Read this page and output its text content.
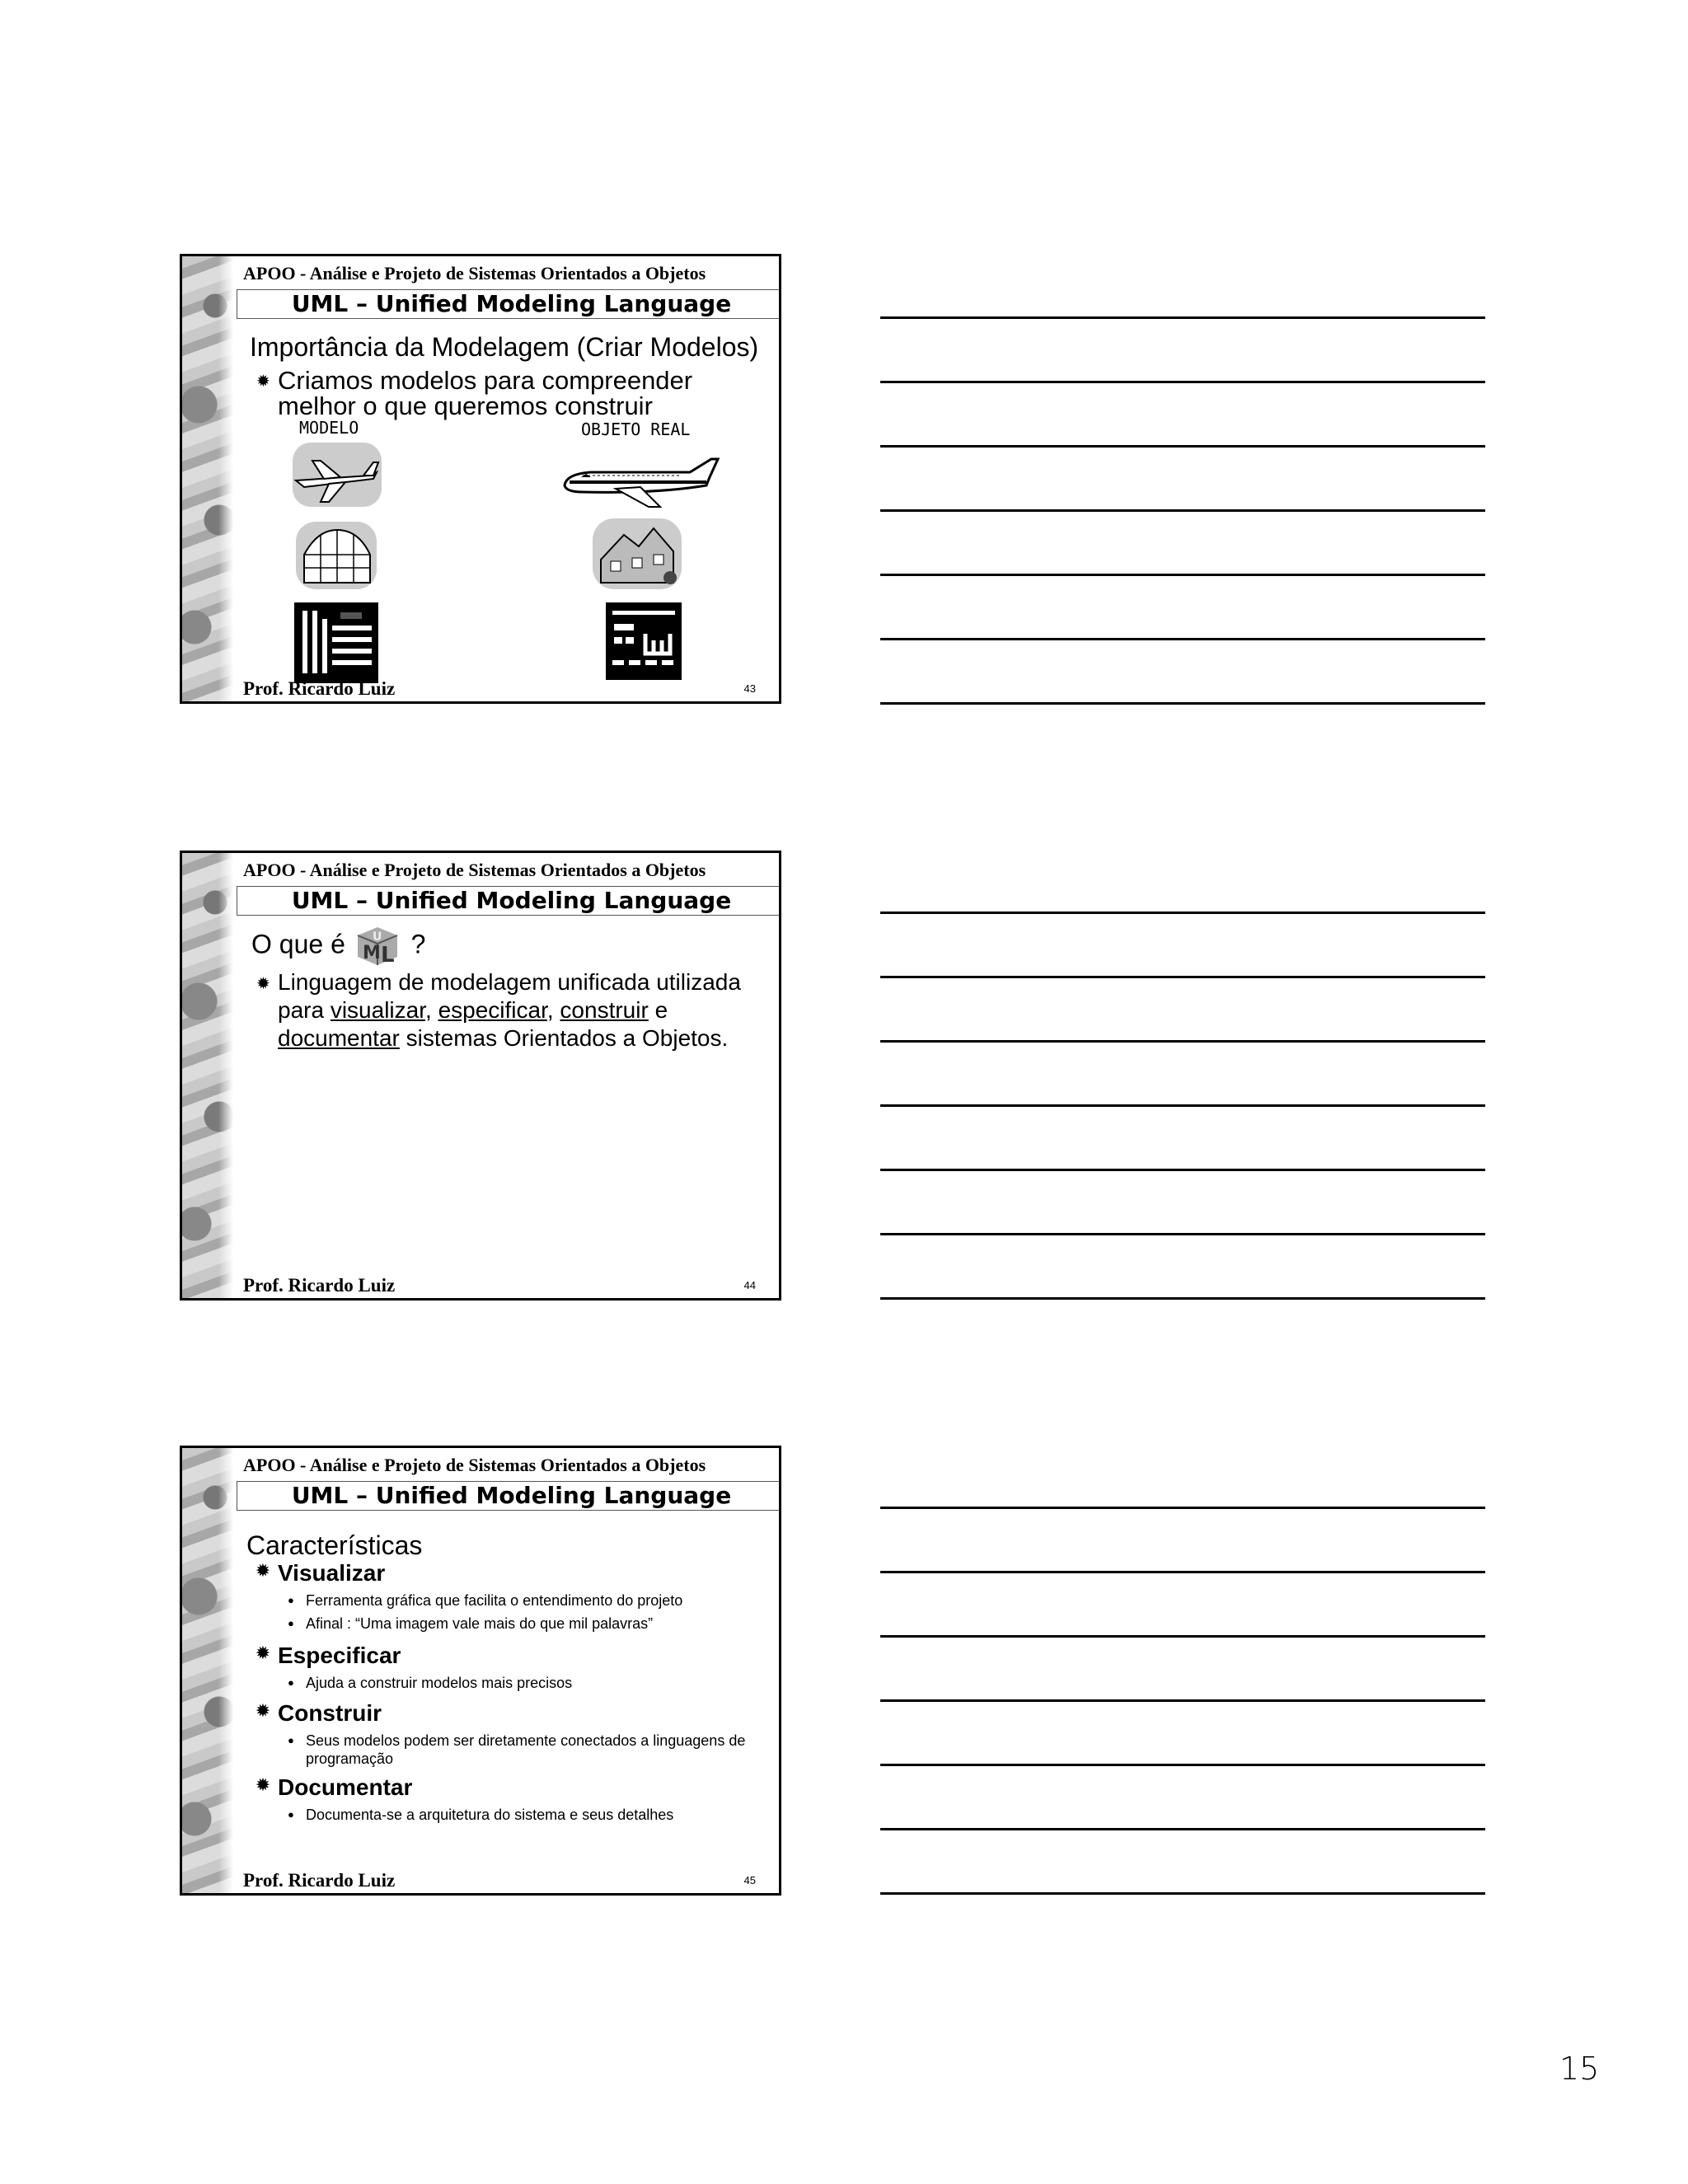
APOO - Análise e Projeto de Sistemas Orientados a Objetos
UML – Unified Modeling Language
Importância da Modelagem (Criar Modelos)
✹ Criamos modelos para compreender
melhor o que queremos construir
MODELO	OBJETO REAL
Prof. Ricardo Luiz	43
APOO - Análise e Projeto de Sistemas Orientados a Objetos
UML – Unified Modeling Language
O que é M L
U ?
✹ Linguagem de modelagem unificada utilizada
para visualizar, especificar, construir e
documentar sistemas Orientados a Objetos.
Prof. Ricardo Luiz	44
APOO - Análise e Projeto de Sistemas Orientados a Objetos
UML – Unified Modeling Language
Características
✹ Visualizar
● Ferramenta gráfica que facilita o entendimento do projeto
● Afinal : “Uma imagem vale mais do que mil palavras”
✹ Especificar
● Ajuda a construir modelos mais precisos
✹ Construir
● Seus modelos podem ser diretamente conectados a linguagens de
programação
✹ Documentar
● Documenta-se a arquitetura do sistema e seus detalhes
Prof. Ricardo Luiz	45
15
